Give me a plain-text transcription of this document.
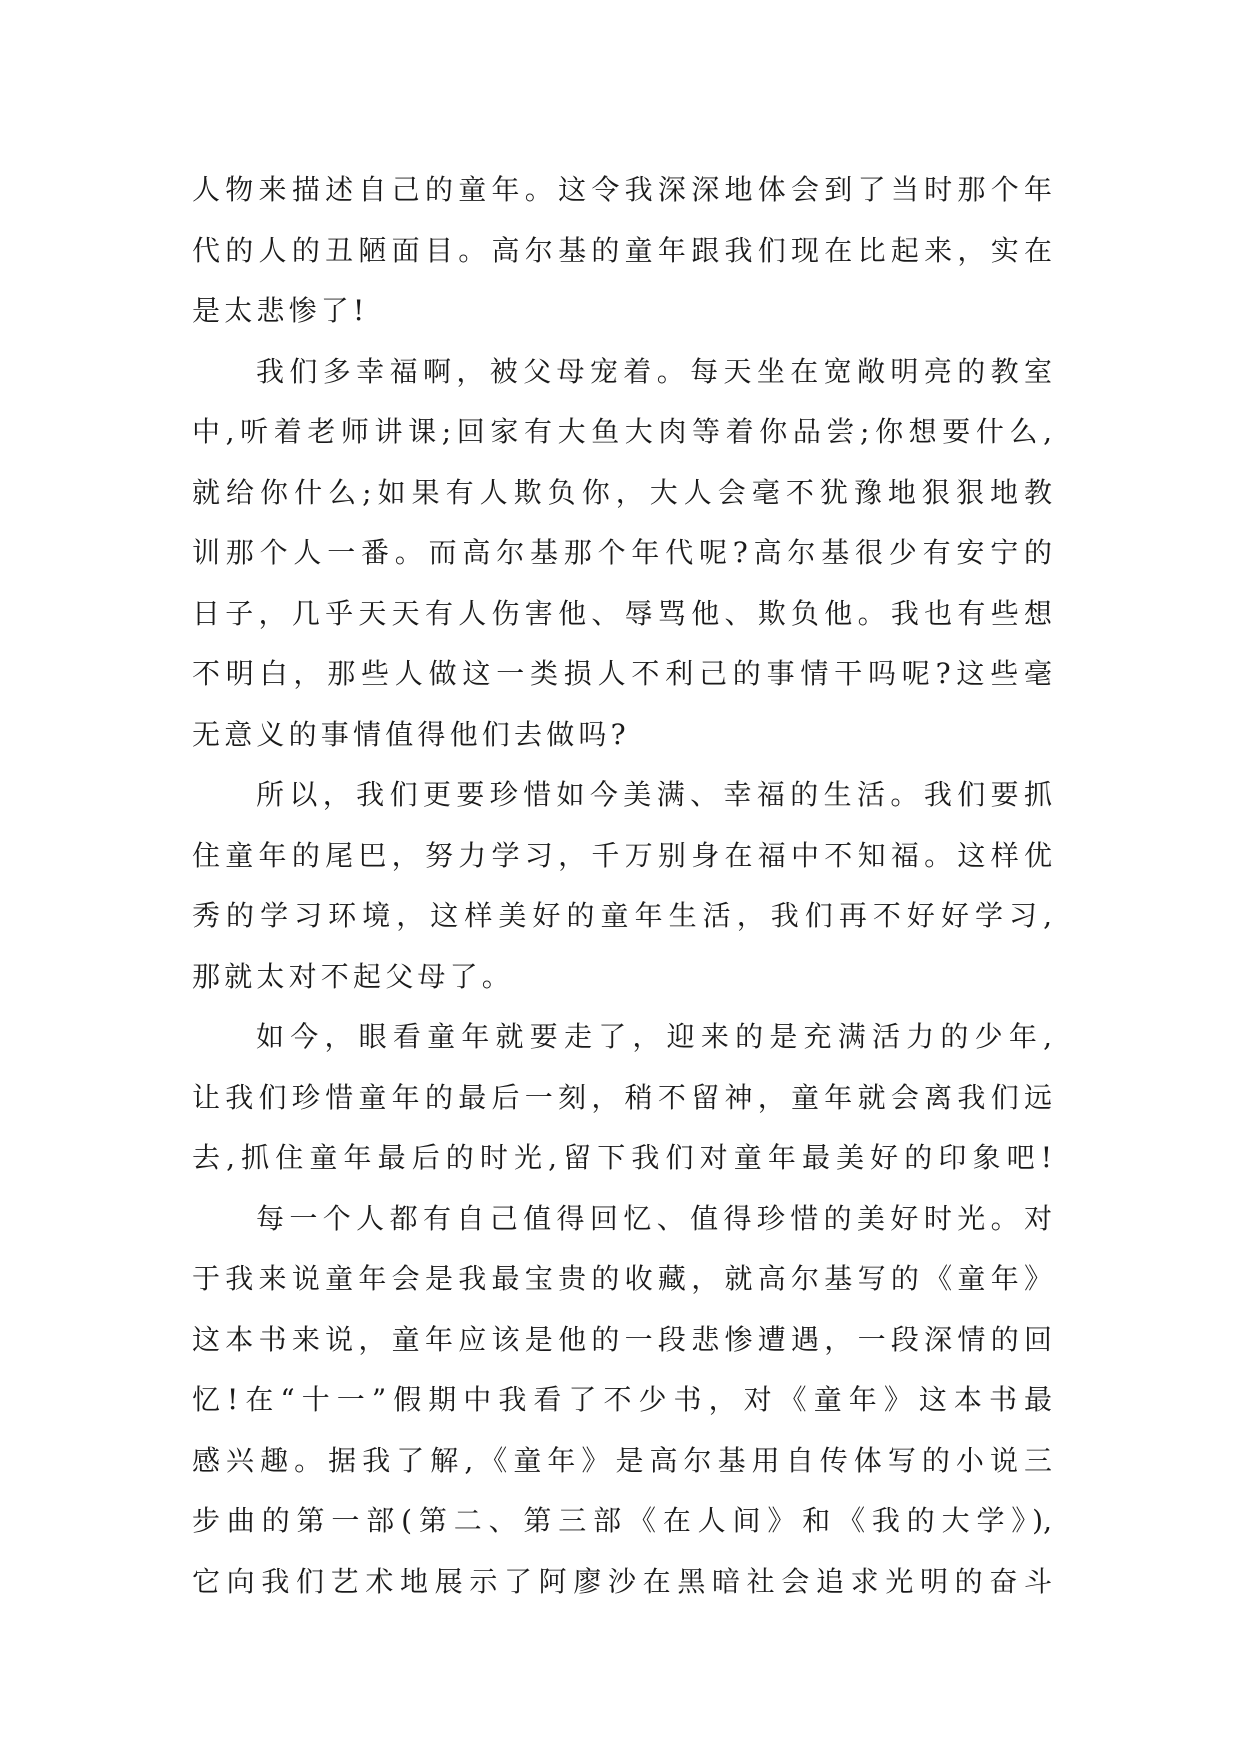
人物来描述自己的童年。这令我深深地体会到了当时那个年
代的人的丑陋面目。高尔基的童年跟我们现在比起来，实在
是太悲惨了!
我们多幸福啊，被父母宠着。每天坐在宽敞明亮的教室
中,听着老师讲课;回家有大鱼大肉等着你品尝;你想要什么,
就给你什么;如果有人欺负你，大人会毫不犹豫地狠狠地教
训那个人一番。而高尔基那个年代呢?高尔基很少有安宁的
日子，几乎天天有人伤害他、辱骂他、欺负他。我也有些想
不明白，那些人做这一类损人不利己的事情干吗呢?这些毫
无意义的事情值得他们去做吗?
所以，我们更要珍惜如今美满、幸福的生活。我们要抓
住童年的尾巴，努力学习，千万别身在福中不知福。这样优
秀的学习环境，这样美好的童年生活，我们再不好好学习,
那就太对不起父母了。
如今，眼看童年就要走了，迎来的是充满活力的少年,
让我们珍惜童年的最后一刻，稍不留神，童年就会离我们远
去,抓住童年最后的时光,留下我们对童年最美好的印象吧!
每一个人都有自己值得回忆、值得珍惜的美好时光。对
于我来说童年会是我最宝贵的收藏，就高尔基写的《童年》
这本书来说，童年应该是他的一段悲惨遭遇，一段深情的回
忆!在“十一”假期中我看了不少书，对《童年》这本书最
感兴趣。据我了解,《童年》是高尔基用自传体写的小说三
步曲的第一部(第二、第三部《在人间》和《我的大学》),
它向我们艺术地展示了阿廖沙在黑暗社会追求光明的奋斗
